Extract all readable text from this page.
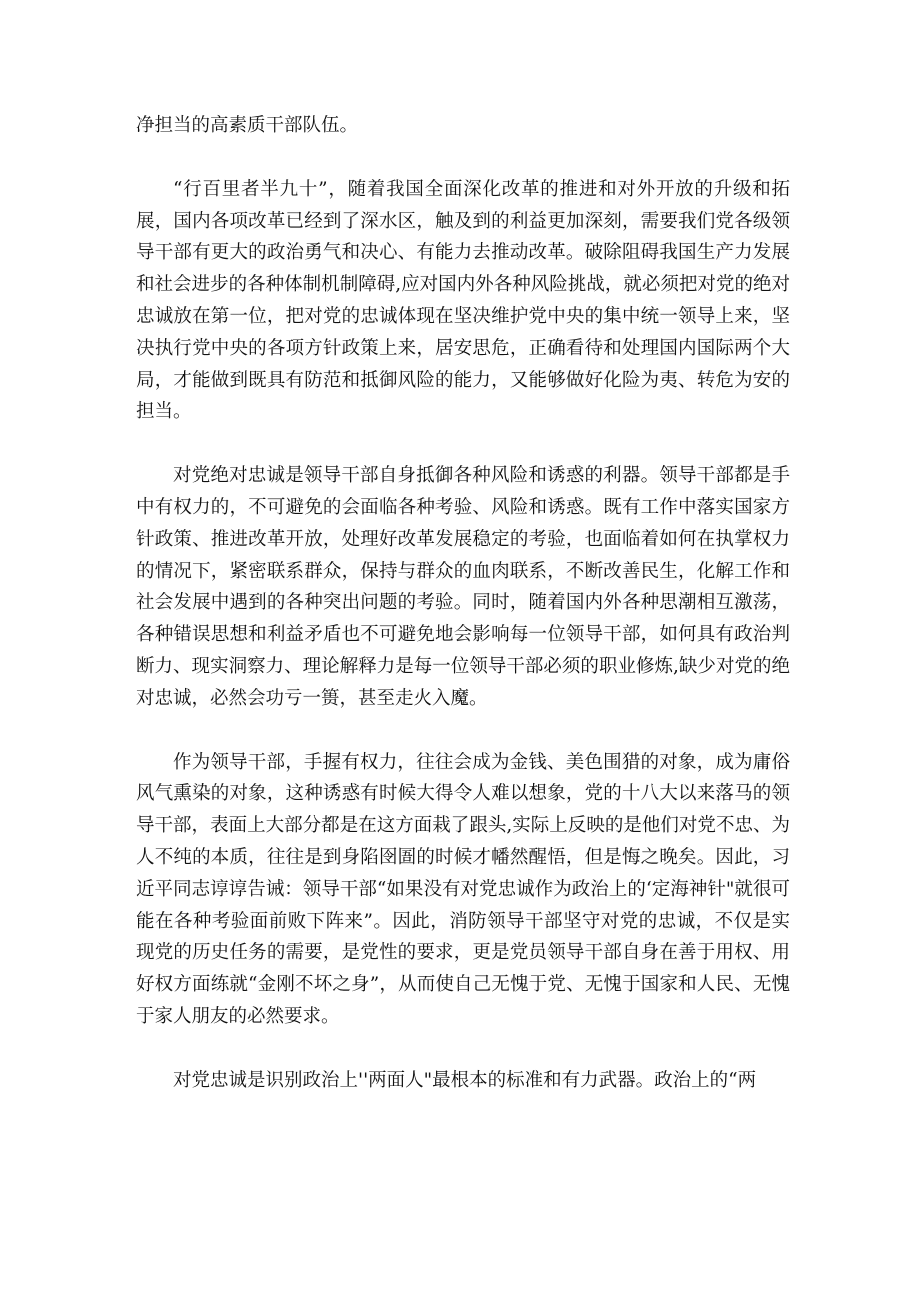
净担当的高素质干部队伍。

“行百里者半九十”，随着我国全面深化改革的推进和对外开放的升级和拓展，国内各项改革已经到了深水区，触及到的利益更加深刻，需要我们党各级领导干部有更大的政治勇气和决心、有能力去推动改革。破除阻碍我国生产力发展和社会进步的各种体制机制障碍,应对国内外各种风险挑战，就必须把对党的绝对忠诚放在第一位，把对党的忠诚体现在坚决维护党中央的集中统一领导上来，坚决执行党中央的各项方针政策上来，居安思危，正确看待和处理国内国际两个大局，才能做到既具有防范和抵御风险的能力，又能够做好化险为夷、转危为安的担当。

对党绝对忠诚是领导干部自身抵御各种风险和诱惑的利器。领导干部都是手中有权力的，不可避免的会面临各种考验、风险和诱惑。既有工作中落实国家方针政策、推进改革开放，处理好改革发展稳定的考验，也面临着如何在执掌权力的情况下，紧密联系群众，保持与群众的血肉联系，不断改善民生，化解工作和社会发展中遇到的各种突出问题的考验。同时，随着国内外各种思潮相互激荡，各种错误思想和利益矛盾也不可避免地会影响每一位领导干部，如何具有政治判断力、现实洞察力、理论解释力是每一位领导干部必须的职业修炼,缺少对党的绝对忠诚，必然会功亏一篑，甚至走火入魔。

作为领导干部，手握有权力，往往会成为金钱、美色围猎的对象，成为庸俗风气熏染的对象，这种诱惑有时候大得令人难以想象，党的十八大以来落马的领导干部，表面上大部分都是在这方面栽了跟头,实际上反映的是他们对党不忠、为人不纯的本质，往往是到身陷囹圄的时候才幡然醒悟，但是悔之晚矣。因此，习近平同志谆谆告诫：领导干部“如果没有对党忠诚作为政治上的‘定海神针"就很可能在各种考验面前败下阵来”。因此，消防领导干部坚守对党的忠诚，不仅是实现党的历史任务的需要，是党性的要求，更是党员领导干部自身在善于用权、用好权方面练就“金刚不坏之身”，从而使自己无愧于党、无愧于国家和人民、无愧于家人朋友的必然要求。

对党忠诚是识别政治上''两面人"最根本的标准和有力武器。政治上的“两
